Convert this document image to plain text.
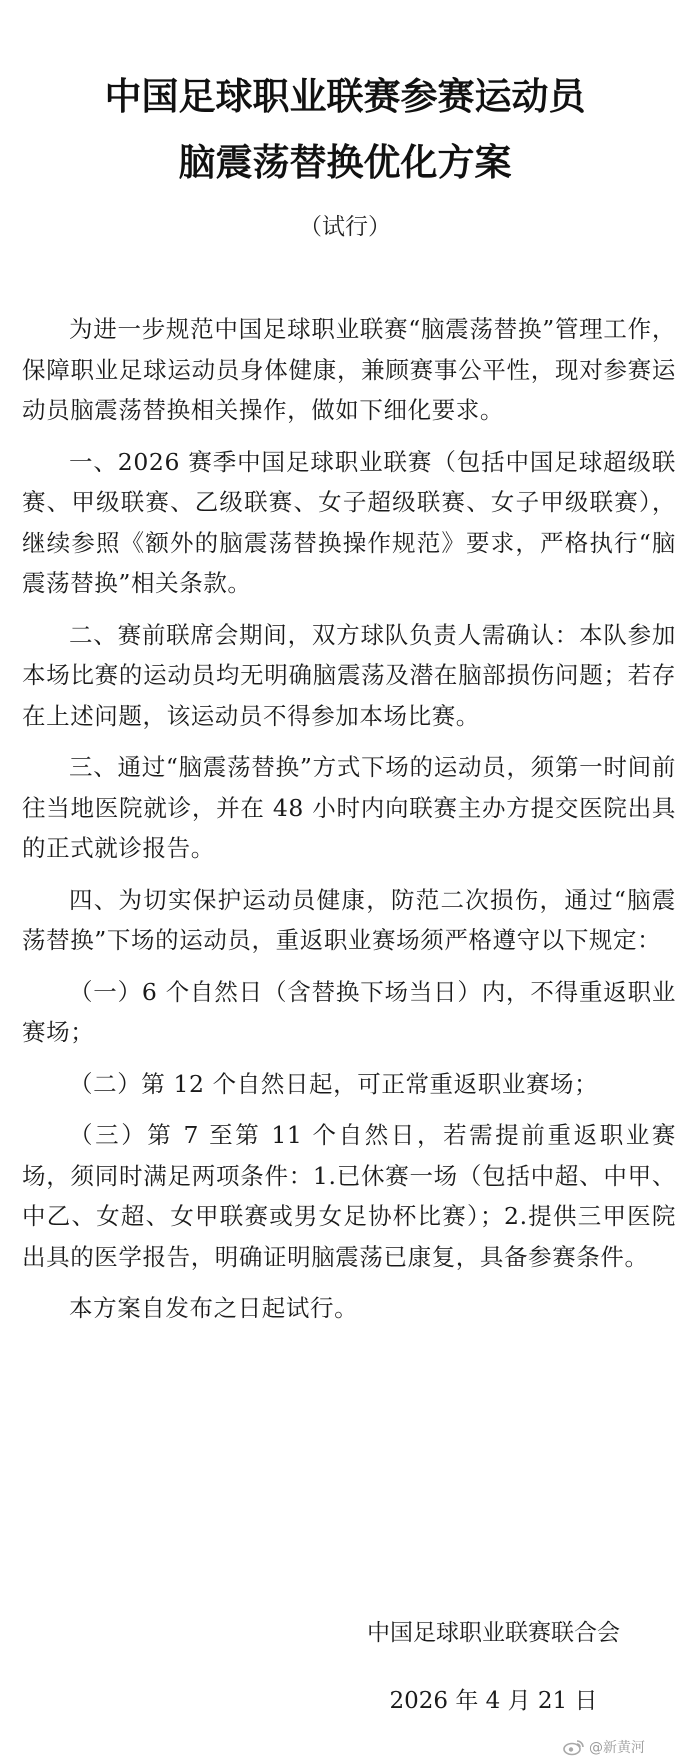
中国足球职业联赛参赛运动员
脑震荡替换优化方案

（试行）

为进一步规范中国足球职业联赛“脑震荡替换”管理工作，保障职业足球运动员身体健康，兼顾赛事公平性，现对参赛运动员脑震荡替换相关操作，做如下细化要求。

一、2026 赛季中国足球职业联赛（包括中国足球超级联赛、甲级联赛、乙级联赛、女子超级联赛、女子甲级联赛），继续参照《额外的脑震荡替换操作规范》要求，严格执行“脑震荡替换”相关条款。

二、赛前联席会期间，双方球队负责人需确认：本队参加本场比赛的运动员均无明确脑震荡及潜在脑部损伤问题；若存在上述问题，该运动员不得参加本场比赛。

三、通过“脑震荡替换”方式下场的运动员，须第一时间前往当地医院就诊，并在 48 小时内向联赛主办方提交医院出具的正式就诊报告。

四、为切实保护运动员健康，防范二次损伤，通过“脑震荡替换”下场的运动员，重返职业赛场须严格遵守以下规定：

（一）6 个自然日（含替换下场当日）内，不得重返职业赛场；

（二）第 12 个自然日起，可正常重返职业赛场；

（三）第 7 至第 11 个自然日，若需提前重返职业赛场，须同时满足两项条件：1.已休赛一场（包括中超、中甲、中乙、女超、女甲联赛或男女足协杯比赛）；2.提供三甲医院出具的医学报告，明确证明脑震荡已康复，具备参赛条件。

本方案自发布之日起试行。

中国足球职业联赛联合会

2026 年 4 月 21 日

@新黄河
